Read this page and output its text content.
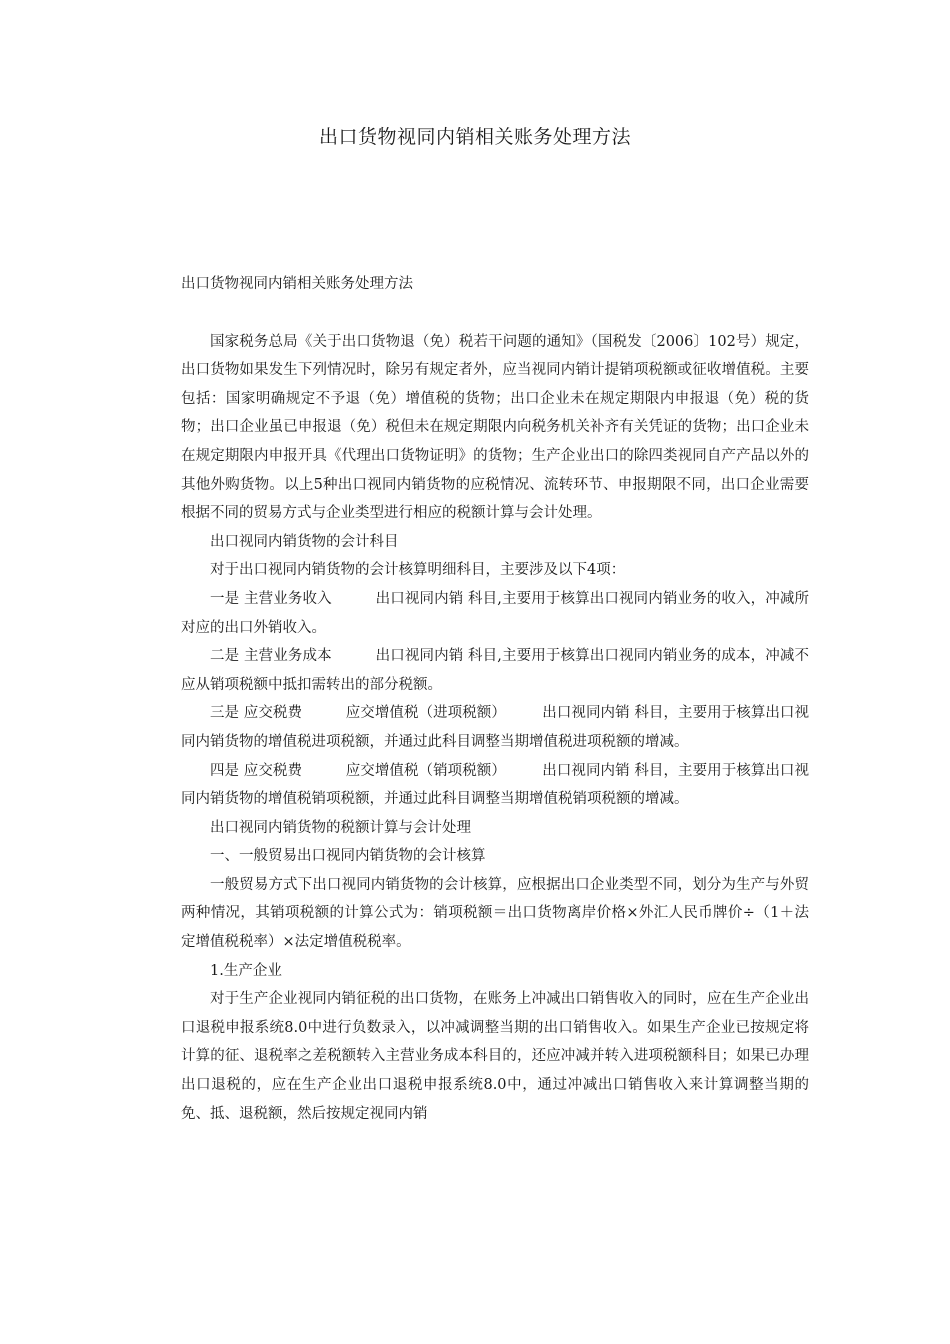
出口货物视同内销相关账务处理方法

出口货物视同内销相关账务处理方法

国家税务总局《关于出口货物退（免）税若干问题的通知》（国税发〔2006〕102号）规定，出口货物如果发生下列情况时，除另有规定者外，应当视同内销计提销项税额或征收增值税。主要包括：国家明确规定不予退（免）增值税的货物；出口企业未在规定期限内申报退（免）税的货物；出口企业虽已申报退（免）税但未在规定期限内向税务机关补齐有关凭证的货物；出口企业未在规定期限内申报开具《代理出口货物证明》的货物；生产企业出口的除四类视同自产产品以外的其他外购货物。以上5种出口视同内销货物的应税情况、流转环节、申报期限不同，出口企业需要根据不同的贸易方式与企业类型进行相应的税额计算与会计处理。

出口视同内销货物的会计科目

对于出口视同内销货物的会计核算明细科目，主要涉及以下4项：

一是 主营业务收入　　　出口视同内销 科目,主要用于核算出口视同内销业务的收入，冲减所对应的出口外销收入。

二是 主营业务成本　　　出口视同内销 科目,主要用于核算出口视同内销业务的成本，冲减不应从销项税额中抵扣需转出的部分税额。

三是 应交税费　　　应交增值税（进项税额）　　　出口视同内销 科目，主要用于核算出口视同内销货物的增值税进项税额，并通过此科目调整当期增值税进项税额的增减。

四是 应交税费　　　应交增值税（销项税额）　　　出口视同内销 科目，主要用于核算出口视同内销货物的增值税销项税额，并通过此科目调整当期增值税销项税额的增减。

出口视同内销货物的税额计算与会计处理

一、一般贸易出口视同内销货物的会计核算

一般贸易方式下出口视同内销货物的会计核算，应根据出口企业类型不同，划分为生产与外贸两种情况，其销项税额的计算公式为：销项税额＝出口货物离岸价格×外汇人民币牌价÷（1＋法定增值税税率）×法定增值税税率。

1.生产企业

对于生产企业视同内销征税的出口货物，在账务上冲减出口销售收入的同时，应在生产企业出口退税申报系统8.0中进行负数录入，以冲减调整当期的出口销售收入。如果生产企业已按规定将计算的征、退税率之差税额转入主营业务成本科目的，还应冲减并转入进项税额科目；如果已办理出口退税的，应在生产企业出口退税申报系统8.0中，通过冲减出口销售收入来计算调整当期的免、抵、退税额，然后按规定视同内销
